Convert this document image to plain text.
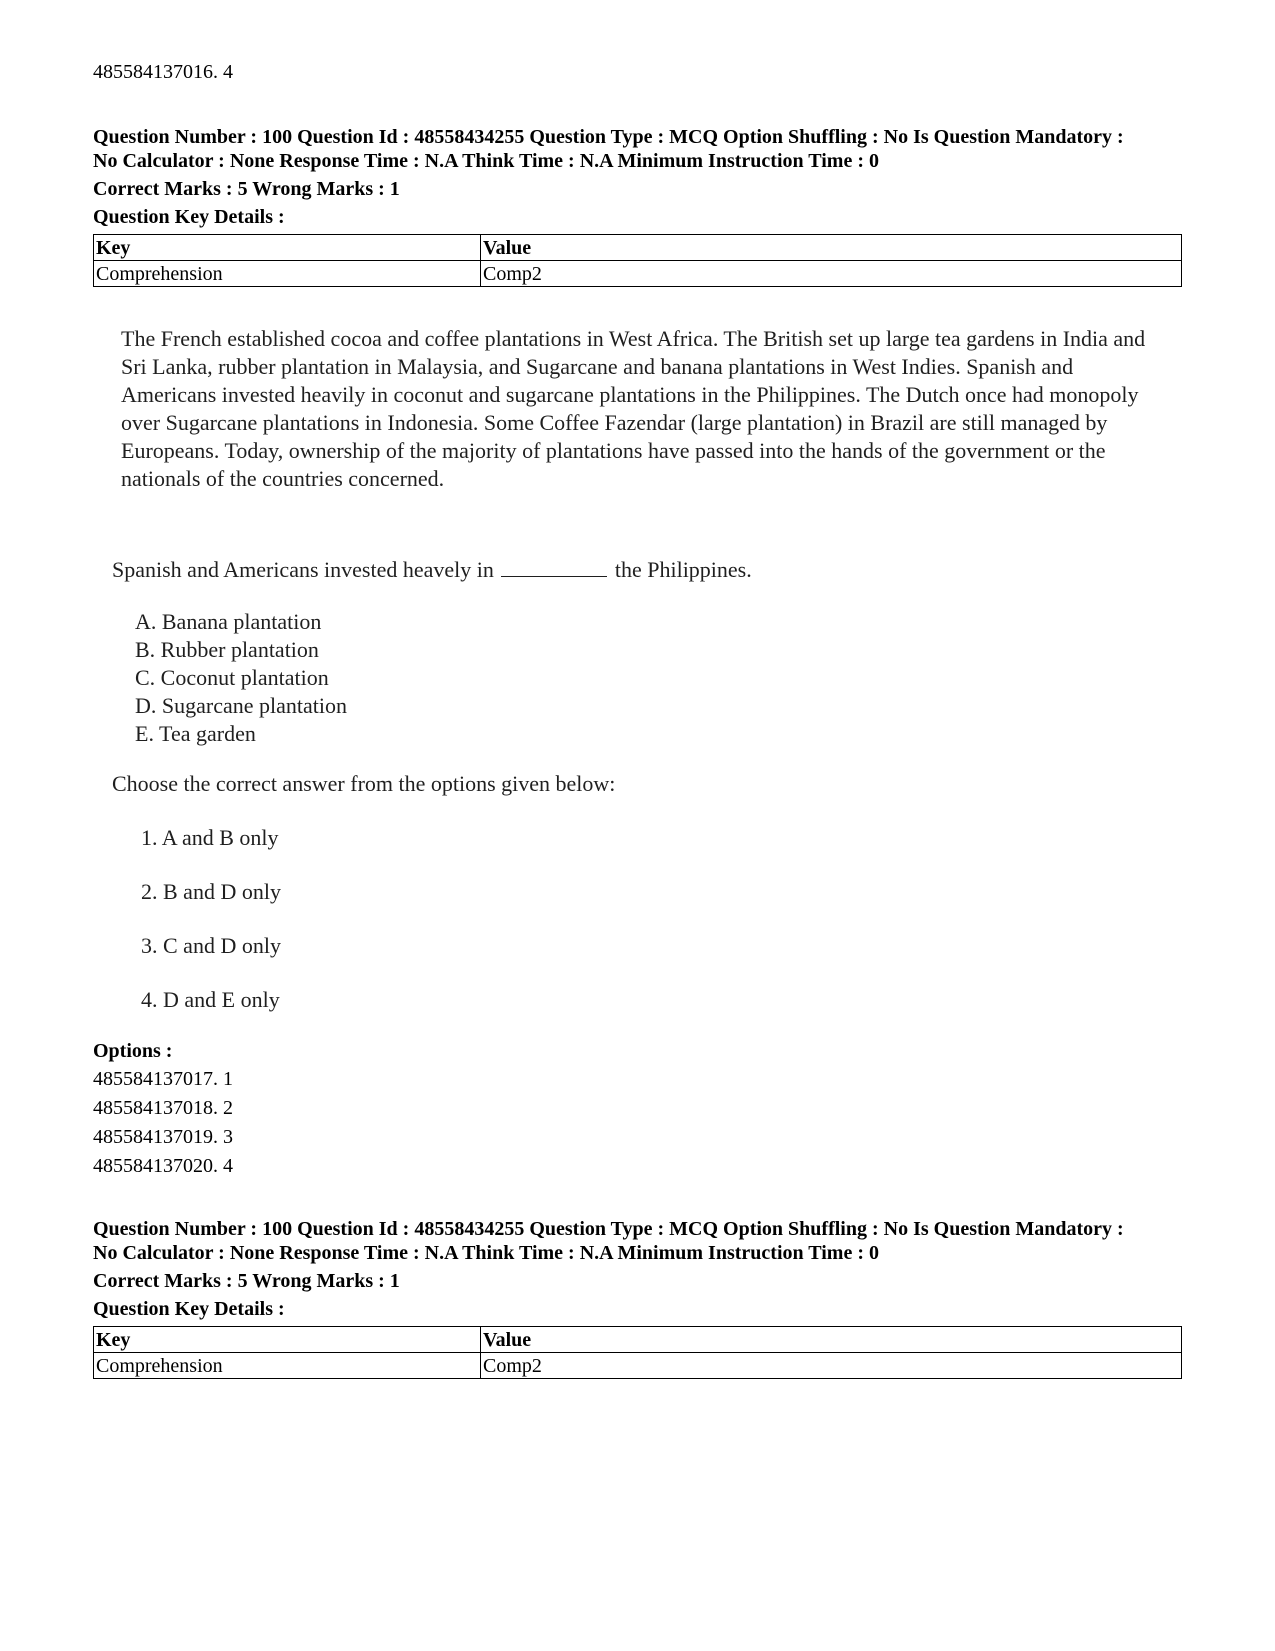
485584137016. 4
Question Number : 100 Question Id : 48558434255 Question Type : MCQ Option Shuffling : No Is Question Mandatory :
No Calculator : None Response Time : N.A Think Time : N.A Minimum Instruction Time : 0
Correct Marks : 5 Wrong Marks : 1
Question Key Details :
Key	Value
Comprehension	Comp2
The French established cocoa and coffee plantations in West Africa. The British set up large tea gardens in India and Sri Lanka, rubber plantation in Malaysia, and Sugarcane and banana plantations in West Indies. Spanish and Americans invested heavily in coconut and sugarcane plantations in the Philippines. The Dutch once had monopoly over Sugarcane plantations in Indonesia. Some Coffee Fazendar (large plantation) in Brazil are still managed by Europeans. Today, ownership of the majority of plantations have passed into the hands of the government or the nationals of the countries concerned.
Spanish and Americans invested heavely in	the Philippines.
A. Banana plantation
B. Rubber plantation
C. Coconut plantation
D. Sugarcane plantation
E. Tea garden
Choose the correct answer from the options given below:
1. A and B only
2. B and D only
3. C and D only
4. D and E only
Options :
485584137017. 1
485584137018. 2
485584137019. 3
485584137020. 4
Question Number : 100 Question Id : 48558434255 Question Type : MCQ Option Shuffling : No Is Question Mandatory :
No Calculator : None Response Time : N.A Think Time : N.A Minimum Instruction Time : 0
Correct Marks : 5 Wrong Marks : 1
Question Key Details :
Key	Value
Comprehension	Comp2
